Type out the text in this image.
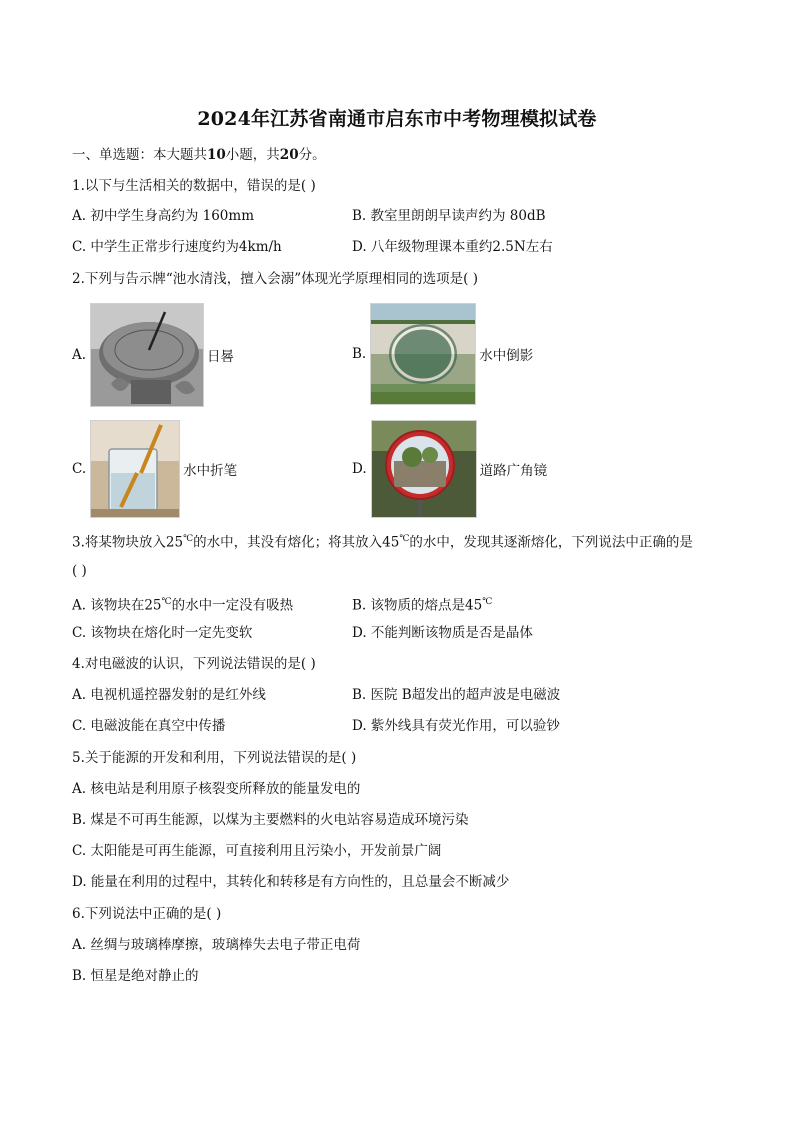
2024年江苏省南通市启东市中考物理模拟试卷
一、单选题：本大题共10小题，共20分。
1.以下与生活相关的数据中，错误的是( )
A. 初中学生身高约为 160mm	B. 教室里朗朗早读声约为 80dB
C. 中学生正常步行速度约为4km/h	D. 八年级物理课本重约2.5N左右
2.下列与告示牌“池水清浅，擅入会溺”体现光学原理相同的选项是( )
A.	日晷	B.	水中倒影
C.	水中折笔	D.	道路广角镜
3.将某物块放入25℃的水中，其没有熔化；将其放入45℃的水中，发现其逐渐熔化，下列说法中正确的是
( )
A. 该物块在25℃的水中一定没有吸热	B. 该物质的熔点是45℃
C. 该物块在熔化时一定先变软	D. 不能判断该物质是否是晶体
4.对电磁波的认识，下列说法错误的是( )
A. 电视机遥控器发射的是红外线	B. 医院 B超发出的超声波是电磁波
C. 电磁波能在真空中传播	D. 紫外线具有荧光作用，可以验钞
5.关于能源的开发和利用，下列说法错误的是( )
A. 核电站是利用原子核裂变所释放的能量发电的
B. 煤是不可再生能源，以煤为主要燃料的火电站容易造成环境污染
C. 太阳能是可再生能源，可直接利用且污染小，开发前景广阔
D. 能量在利用的过程中，其转化和转移是有方向性的，且总量会不断减少
6.下列说法中正确的是( )
A. 丝绸与玻璃棒摩擦，玻璃棒失去电子带正电荷
B. 恒星是绝对静止的
